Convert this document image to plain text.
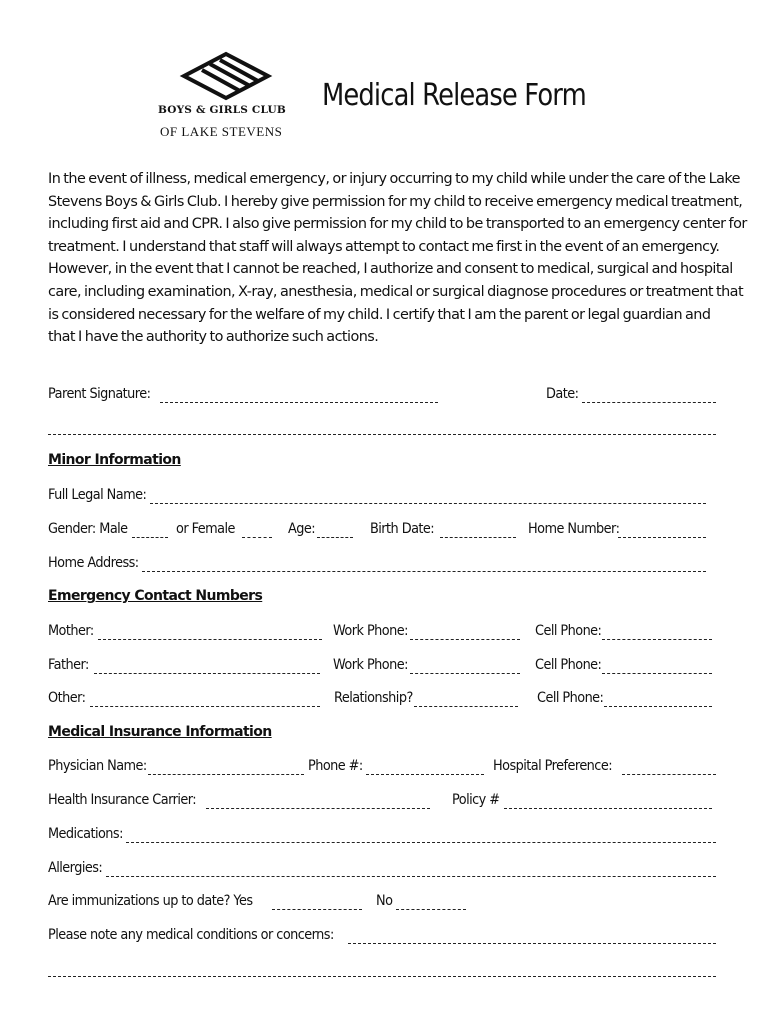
BOYS & GIRLS CLUB
OF LAKE STEVENS
Medical Release Form
In the event of illness, medical emergency, or injury occurring to my child while under the care of the Lake
Stevens Boys & Girls Club. I hereby give permission for my child to receive emergency medical treatment,
including first aid and CPR. I also give permission for my child to be transported to an emergency center for
treatment. I understand that staff will always attempt to contact me first in the event of an emergency.
However, in the event that I cannot be reached, I authorize and consent to medical, surgical and hospital
care, including examination, X-ray, anesthesia, medical or surgical diagnose procedures or treatment that
is considered necessary for the welfare of my child. I certify that I am the parent or legal guardian and
that I have the authority to authorize such actions.
Parent Signature:	Date:
Minor Information
Full Legal Name:
Gender: Male	or Female	Age:	Birth Date:	Home Number:
Home Address:
Emergency Contact Numbers
Mother:	Work Phone:	Cell Phone:
Father:	Work Phone:	Cell Phone:
Other:	Relationship?	Cell Phone:
Medical Insurance Information
Physician Name:	Phone #:	Hospital Preference:
Health Insurance Carrier:	Policy #
Medications:
Allergies:
Are immunizations up to date? Yes	No
Please note any medical conditions or concerns:
